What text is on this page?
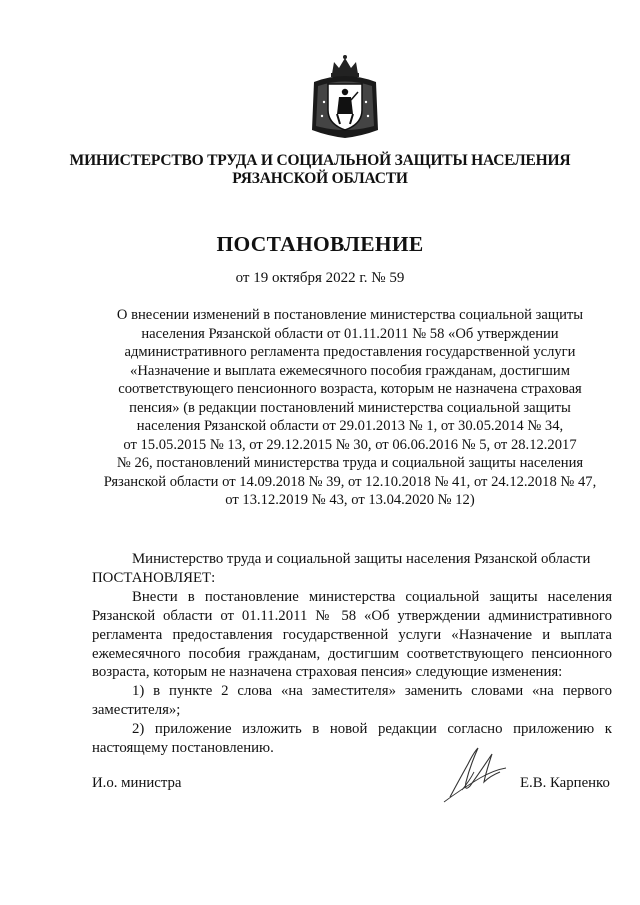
МИНИСТЕРСТВО ТРУДА И СОЦИАЛЬНОЙ ЗАЩИТЫ НАСЕЛЕНИЯ
РЯЗАНСКОЙ ОБЛАСТИ
ПОСТАНОВЛЕНИЕ
от 19 октября 2022 г. № 59
О внесении изменений в постановление министерства социальной защиты
населения Рязанской области от 01.11.2011 № 58 «Об утверждении
административного регламента предоставления государственной услуги
«Назначение и выплата ежемесячного пособия гражданам, достигшим
соответствующего пенсионного возраста, которым не назначена страховая
пенсия» (в редакции постановлений министерства социальной защиты
населения Рязанской области от 29.01.2013 № 1, от 30.05.2014 № 34,
от 15.05.2015 № 13, от 29.12.2015 № 30, от 06.06.2016 № 5, от 28.12.2017
№ 26, постановлений министерства труда и социальной защиты населения
Рязанской области от 14.09.2018 № 39, от 12.10.2018 № 41, от 24.12.2018 № 47,
от 13.12.2019 № 43, от 13.04.2020 № 12)

Министерство труда и социальной защиты населения Рязанской области

ПОСТАНОВЛЯЕТ:

Внести в постановление министерства социальной защиты населения Рязанской области от 01.11.2011 № 58 «Об утверждении административного регламента предоставления государственной услуги «Назначение и выплата ежемесячного пособия гражданам, достигшим соответствующего пенсионного возраста, которым не назначена страховая пенсия» следующие изменения:

1) в пункте 2 слова «на заместителя» заменить словами «на первого заместителя»;

2) приложение изложить в новой редакции согласно приложению к настоящему постановлению.

И.о. министра	Е.В. Карпенко
